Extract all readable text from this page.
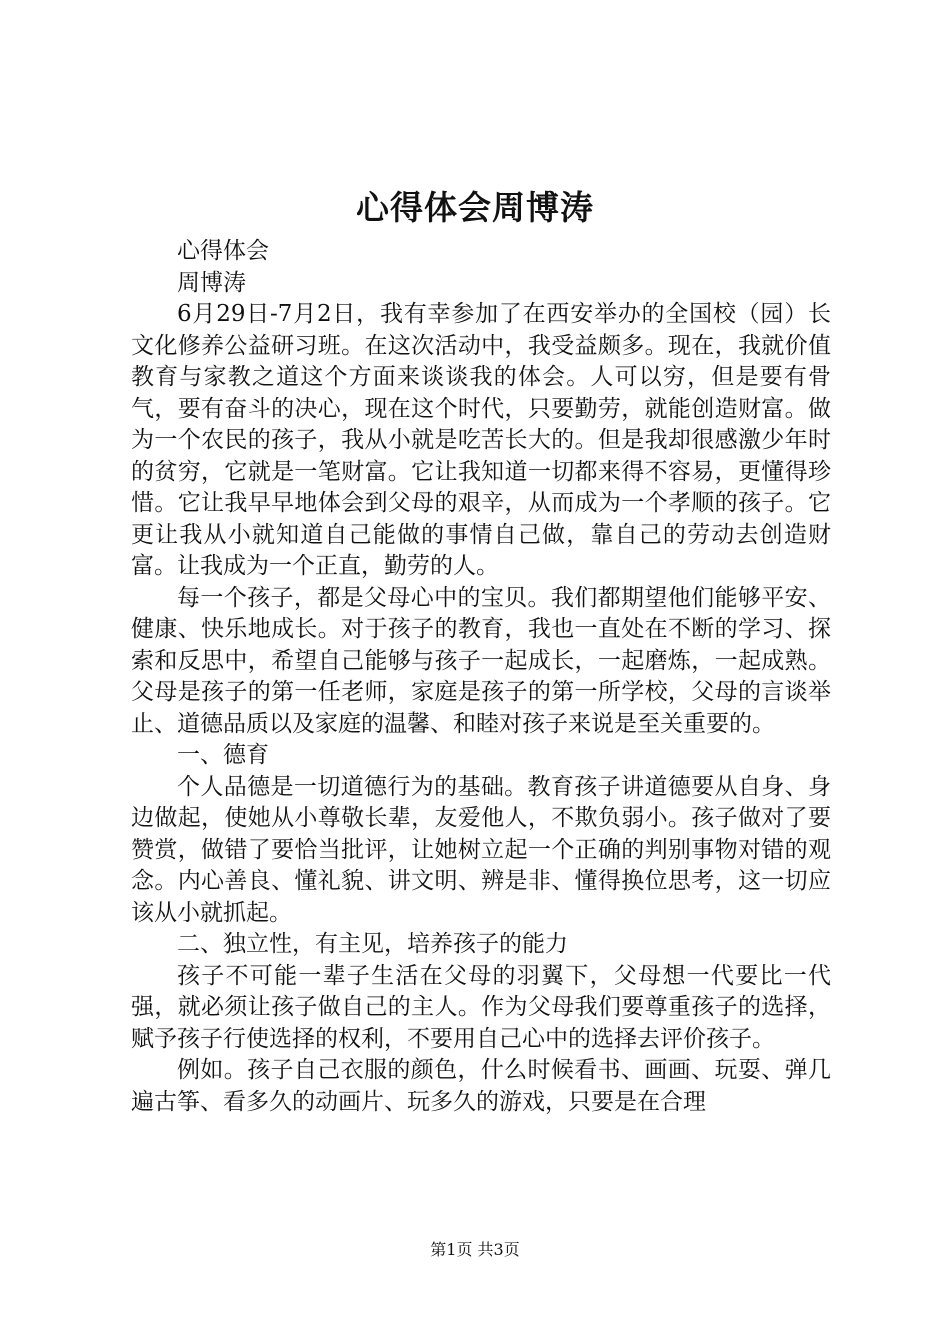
心得体会周博涛

心得体会

周博涛

6月29日-7月2日，我有幸参加了在西安举办的全国校（园）长文化修养公益研习班。在这次活动中，我受益颇多。现在，我就价值教育与家教之道这个方面来谈谈我的体会。人可以穷，但是要有骨气，要有奋斗的决心，现在这个时代，只要勤劳，就能创造财富。做为一个农民的孩子，我从小就是吃苦长大的。但是我却很感激少年时的贫穷，它就是一笔财富。它让我知道一切都来得不容易，更懂得珍惜。它让我早早地体会到父母的艰辛，从而成为一个孝顺的孩子。它更让我从小就知道自己能做的事情自己做，靠自己的劳动去创造财富。让我成为一个正直，勤劳的人。

每一个孩子，都是父母心中的宝贝。我们都期望他们能够平安、健康、快乐地成长。对于孩子的教育，我也一直处在不断的学习、探索和反思中，希望自己能够与孩子一起成长，一起磨炼，一起成熟。父母是孩子的第一任老师，家庭是孩子的第一所学校，父母的言谈举止、道德品质以及家庭的温馨、和睦对孩子来说是至关重要的。

一、德育

个人品德是一切道德行为的基础。教育孩子讲道德要从自身、身边做起，使她从小尊敬长辈，友爱他人，不欺负弱小。孩子做对了要赞赏，做错了要恰当批评，让她树立起一个正确的判别事物对错的观念。内心善良、懂礼貌、讲文明、辨是非、懂得换位思考，这一切应该从小就抓起。

二、独立性，有主见，培养孩子的能力

孩子不可能一辈子生活在父母的羽翼下，父母想一代要比一代强，就必须让孩子做自己的主人。作为父母我们要尊重孩子的选择，赋予孩子行使选择的权利，不要用自己心中的选择去评价孩子。

例如。孩子自己衣服的颜色，什么时候看书、画画、玩耍、弹几遍古筝、看多久的动画片、玩多久的游戏，只要是在合理

第1页 共3页
